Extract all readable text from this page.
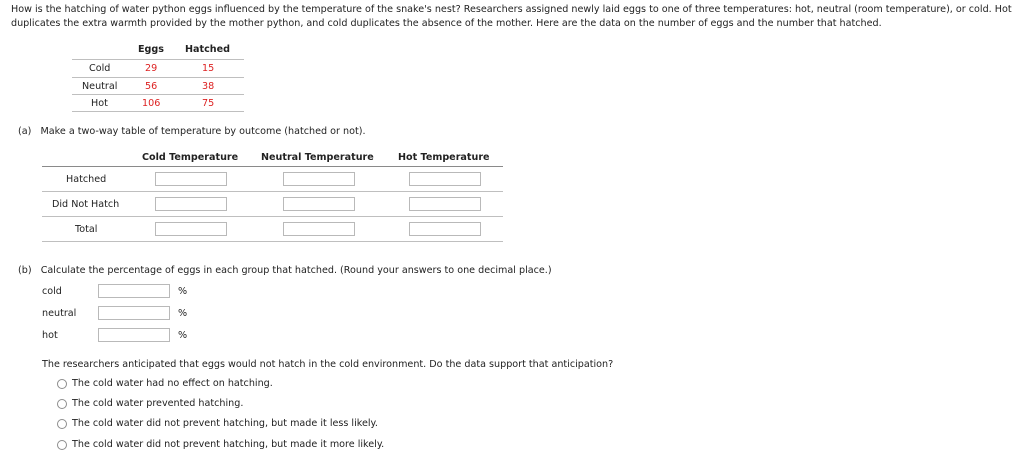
How is the hatching of water python eggs influenced by the temperature of the snake's nest? Researchers assigned newly laid eggs to one of three temperatures: hot, neutral (room temperature), or cold. Hot duplicates the extra warmth provided by the mother python, and cold duplicates the absence of the mother. Here are the data on the number of eggs and the number that hatched.
Eggs Hatched
Cold	29	15
Neutral	56	38
Hot	106	75
(a)   Make a two-way table of temperature by outcome (hatched or not).
Cold Temperature Neutral Temperature	Hot Temperature
Hatched
Did Not Hatch
Total
(b)   Calculate the percentage of eggs in each group that hatched. (Round your answers to one decimal place.)
cold	%
neutral	%
hot	%
The researchers anticipated that eggs would not hatch in the cold environment. Do the data support that anticipation?
The cold water had no effect on hatching.
The cold water prevented hatching.
The cold water did not prevent hatching, but made it less likely.
The cold water did not prevent hatching, but made it more likely.
